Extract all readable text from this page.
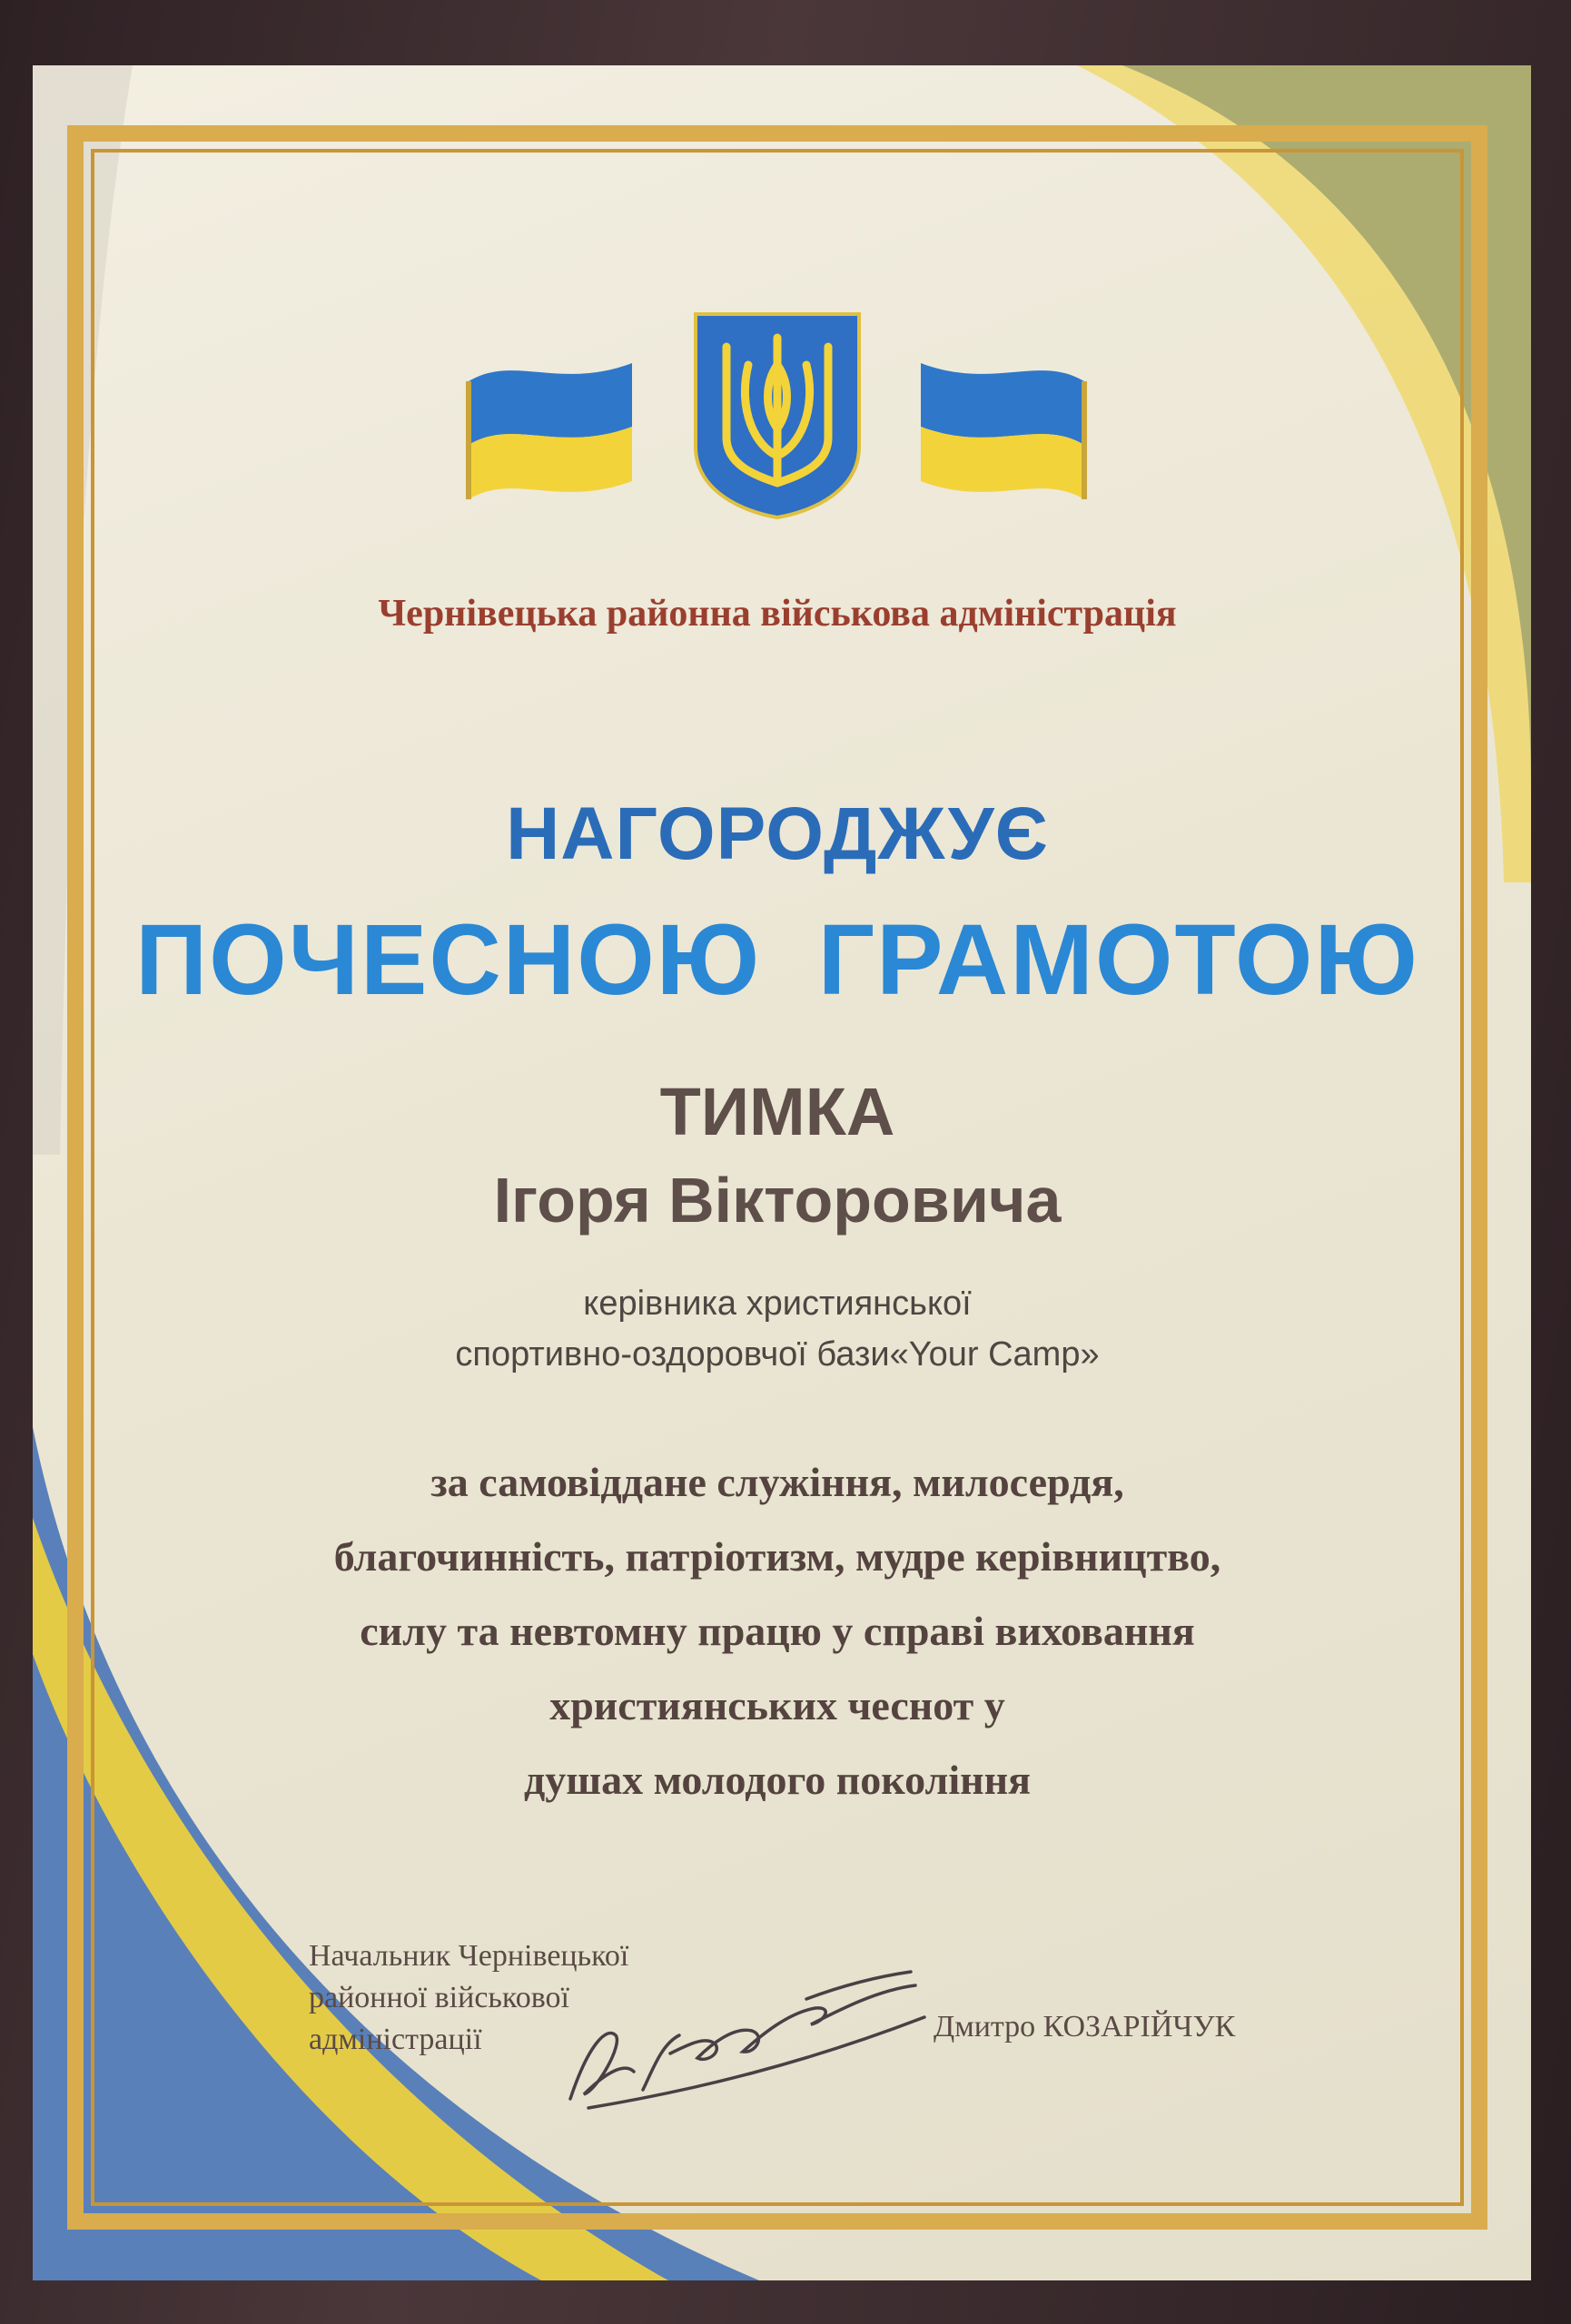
Чернівецька районна військова адміністрація

НАГОРОДЖУЄ

ПОЧЕСНОЮ ГРАМОТОЮ

ТИМКА

Ігоря Вікторовича

керівника християнської
спортивно-оздоровчої бази«Your Camp»
за самовіддане служіння, милосердя,
благочинність, патріотизм, мудре керівництво,
силу та невтомну працю у справі виховання
християнських чеснот у
душах молодого покоління
Начальник Чернівецької
районної військової
адміністрації	Дмитро КОЗАРІЙЧУК
